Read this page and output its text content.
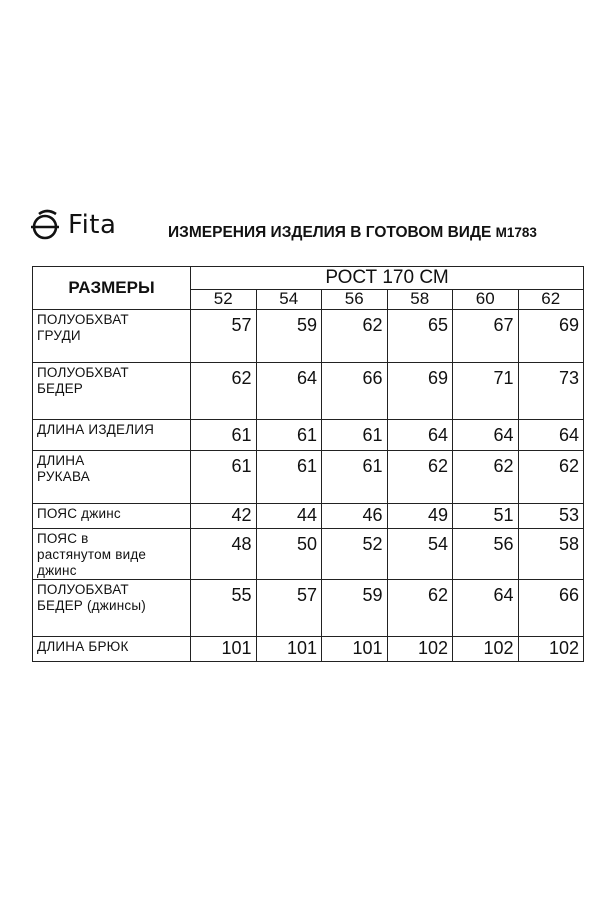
Fita	ИЗМЕРЕНИЯ ИЗДЕЛИЯ В ГОТОВОМ ВИДЕ М1783
РАЗМЕРЫ	РОСТ 170 СМ					
	52	54	56	58	60	62

ПОЛУОБХВАТ
ГРУДИ	57	59	62	65	67	69

ПОЛУОБХВАТ
БЕДЕР	62	64	66	69	71	73

ДЛИНА ИЗДЕЛИЯ	61	61	61	64	64	64

ДЛИНА
РУКАВА	61	61	61	62	62	62

ПОЯС джинс	42	44	46	49	51	53

ПОЯС в
растянутом виде
джинс	48	50	52	54	56	58

ПОЛУОБХВАТ
БЕДЕР (джинсы)	55	57	59	62	64	66

ДЛИНА БРЮК	101	101	101	102	102	102
